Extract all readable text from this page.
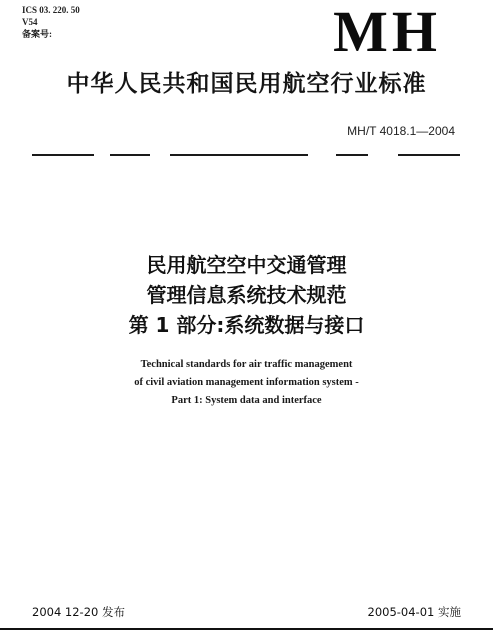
ICS 03. 220. 50
V54
备案号:	MH
中华人民共和国民用航空行业标准
MH/T 4018.1—2004
民用航空空中交通管理
管理信息系统技术规范
第 1 部分:系统数据与接口
Technical standards for air traffic management
of civil aviation management information system -
Part 1: System data and interface
2004 12-20 发布	2005-04-01 实施
